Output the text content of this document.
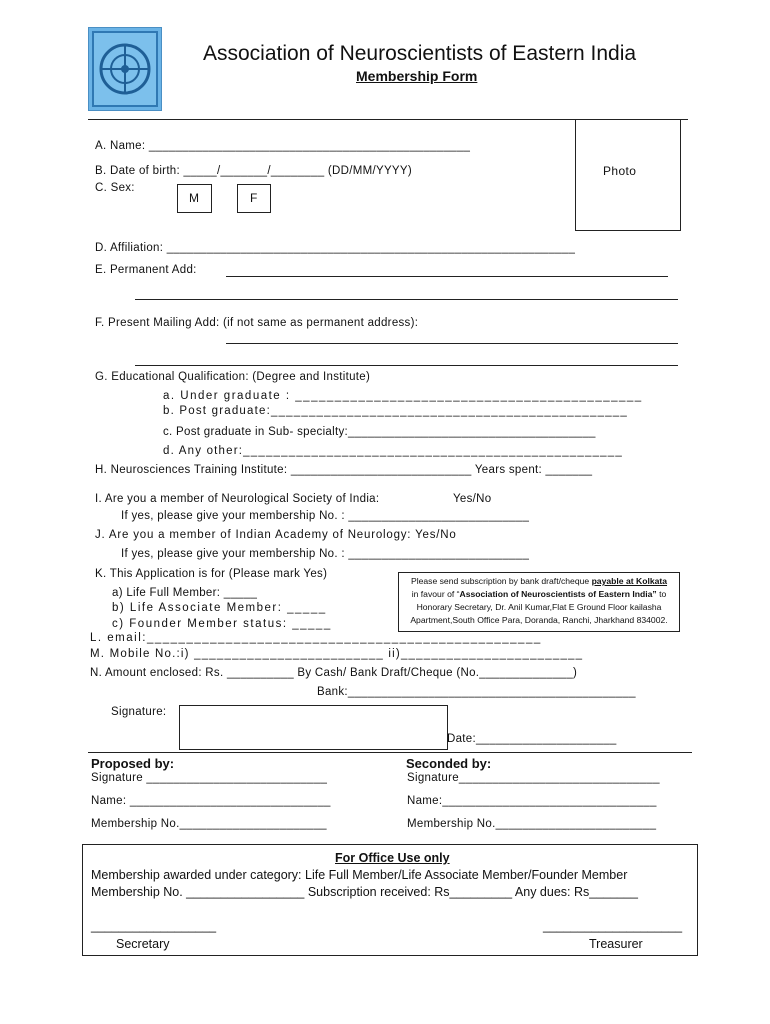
Association of Neuroscientists of Eastern India
Membership Form
Photo
A. Name: ________________________________________________
B. Date of birth: _____/_______/________ (DD/MM/YYYY)
C. Sex:
M	F
D. Affiliation: _____________________________________________________________
E. Permanent Add:
F. Present Mailing Add: (if not same as permanent address):
G. Educational Qualification: (Degree and Institute)
a. Under graduate : ____________________________________________
b. Post graduate:_______________________________________________
c. Post graduate in Sub- specialty:_____________________________________
d. Any other:__________________________________________________
H. Neurosciences Training Institute: ___________________________ Years spent: _______
I. Are you a member of Neurological Society of India:	Yes/No
If yes, please give your membership No. : ___________________________
J. Are you a member of Indian Academy of Neurology: Yes/No
If yes, please give your membership No. : ___________________________
K. This Application is for (Please mark Yes)
a) Life Full Member: _____
b) Life Associate Member: _____
c) Founder Member status: _____
Please send subscription by bank draft/cheque payable at Kolkata
in favour of “Association of Neuroscientists of Eastern India” to
Honorary Secretary, Dr. Anil Kumar,Flat E Ground Floor kailasha
Apartment,South Office Para, Doranda, Ranchi, Jharkhand 834002.
L. email:__________________________________________________
M. Mobile No.:i) _________________________ ii)________________________
N. Amount enclosed: Rs. __________ By Cash/ Bank Draft/Cheque (No.______________)
Bank:___________________________________________
Signature:
Date:_____________________
Proposed by:
Signature ___________________________
Name: ______________________________
Membership No.______________________
Seconded by:
Signature______________________________
Name:________________________________
Membership No.________________________
For Office Use only
Membership awarded under category: Life Full Member/Life Associate Member/Founder Member
Membership No. _________________ Subscription received: Rs_________ Any dues: Rs_______
__________________
Secretary
____________________
Treasurer
